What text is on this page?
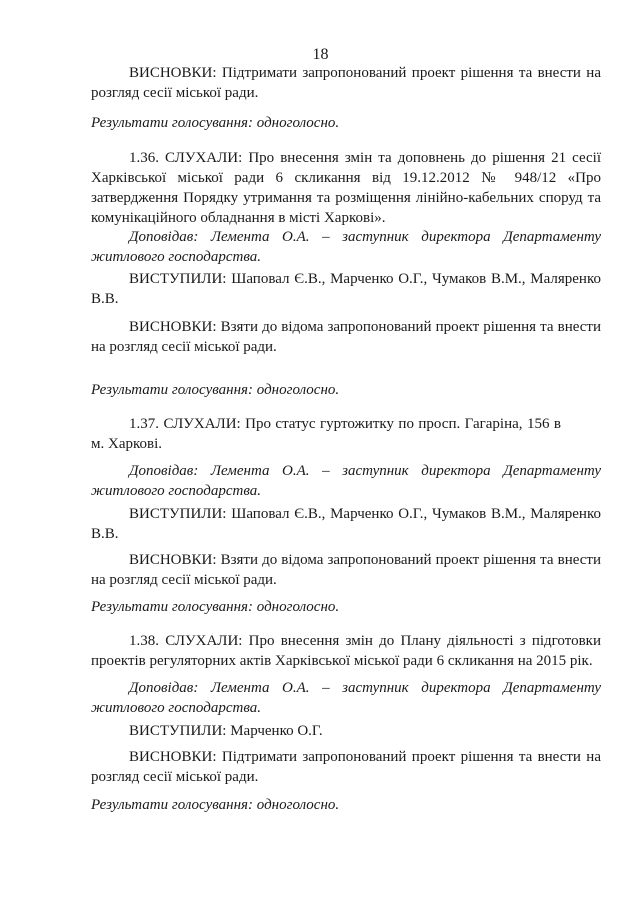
18

ВИСНОВКИ: Підтримати запропонований проект рішення та внести на розгляд сесії міської ради.

Результати голосування: одноголосно.

1.36. СЛУХАЛИ: Про внесення змін та доповнень до рішення 21 сесії Харківської міської ради 6 скликання від 19.12.2012 № 948/12 «Про затвердження Порядку утримання та розміщення лінійно-кабельних споруд та комунікаційного обладнання в місті Харкові».

Доповідав: Лемента О.А. – заступник директора Департаменту житлового господарства.

ВИСТУПИЛИ: Шаповал Є.В., Марченко О.Г., Чумаков В.М., Маляренко В.В.

ВИСНОВКИ: Взяти до відома запропонований проект рішення та внести на розгляд сесії міської ради.

Результати голосування: одноголосно.

1.37. СЛУХАЛИ: Про статус гуртожитку по просп. Гагаріна, 156 в м. Харкові.

Доповідав: Лемента О.А. – заступник директора Департаменту житлового господарства.

ВИСТУПИЛИ: Шаповал Є.В., Марченко О.Г., Чумаков В.М., Маляренко В.В.

ВИСНОВКИ: Взяти до відома запропонований проект рішення та внести на розгляд сесії міської ради.

Результати голосування: одноголосно.

1.38. СЛУХАЛИ: Про внесення змін до Плану діяльності з підготовки проектів регуляторних актів Харківської міської ради 6 скликання на 2015 рік.

Доповідав: Лемента О.А. – заступник директора Департаменту житлового господарства.

ВИСТУПИЛИ: Марченко О.Г.

ВИСНОВКИ: Підтримати запропонований проект рішення та внести на розгляд сесії міської ради.

Результати голосування: одноголосно.
